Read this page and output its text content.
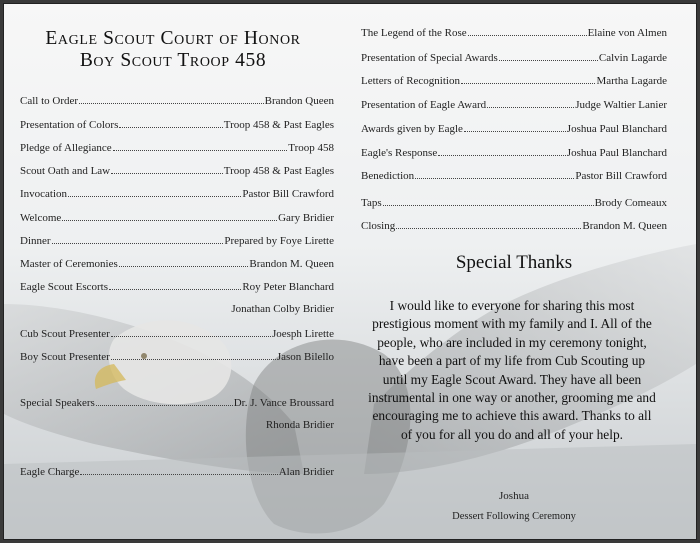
Eagle Scout Court of Honor
Boy Scout Troop 458
Call to Order	Brandon Queen
Presentation of Colors	Troop 458 & Past Eagles
Pledge of Allegiance	Troop 458
Scout Oath and Law	Troop 458 & Past Eagles
Invocation	Pastor Bill Crawford
Welcome	Gary Bridier
Dinner	Prepared by Foye Lirette
Master of Ceremonies	Brandon M. Queen
Eagle Scout Escorts	Roy Peter Blanchard
Jonathan Colby Bridier
Cub Scout Presenter	Joesph Lirette
Boy Scout Presenter	Jason Bilello
Special Speakers	Dr. J. Vance Broussard
Rhonda Bridier
Eagle Charge	Alan Bridier
The Legend of the Rose	Elaine von Almen
Presentation of Special Awards	Calvin Lagarde
Letters of Recognition	Martha Lagarde
Presentation of Eagle Award	Judge Waltier Lanier
Awards given by Eagle	Joshua Paul Blanchard
Eagle's Response	Joshua Paul Blanchard
Benediction	Pastor Bill Crawford
Taps	Brody Comeaux
Closing	Brandon M. Queen
Special Thanks
I would like to everyone for sharing this most prestigious moment with my family and I. All of the people, who are included in my ceremony tonight, have been a part of my life from Cub Scouting up until my Eagle Scout Award. They have all been instrumental in one way or another, grooming me and encouraging me to achieve this award. Thanks to all of you for all you do and all of your help.
Joshua
Dessert Following Ceremony
